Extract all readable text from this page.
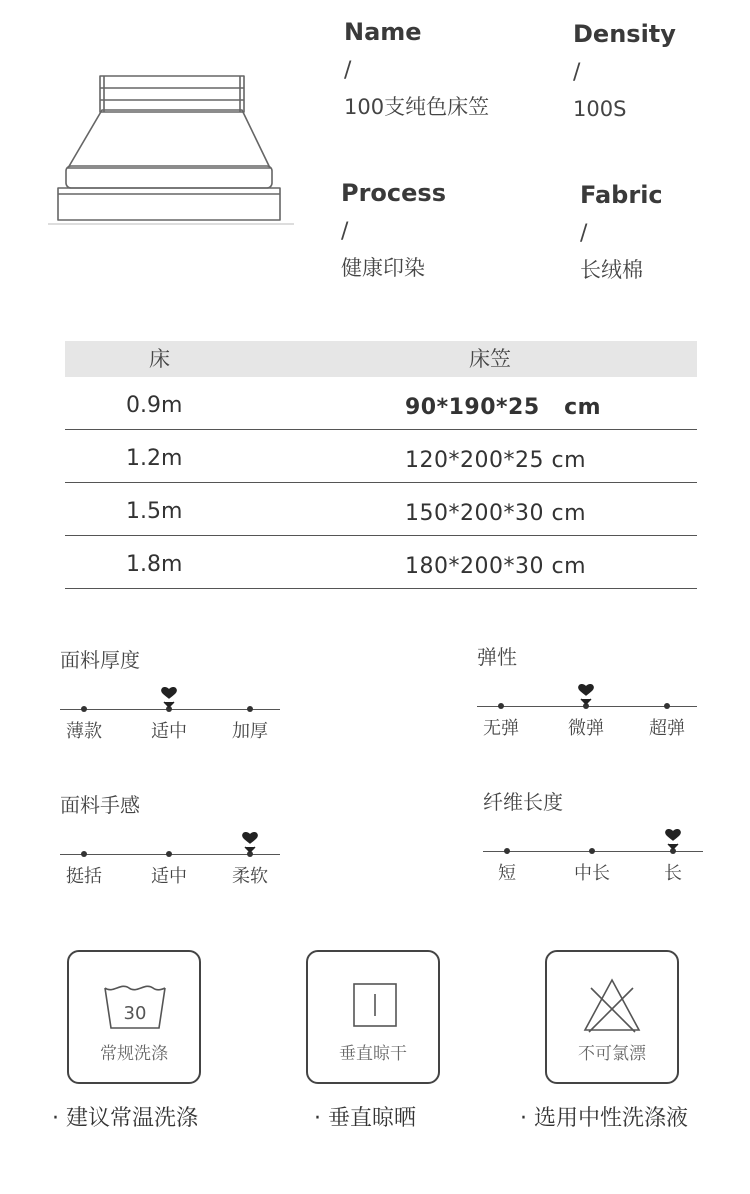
Name
/
100支纯色床笠
Density
/
100S
Process
/
健康印染
Fabric
/
长绒棉
床	床笠
0.9m	90*190*25   cm
1.2m	120*200*25 cm
1.5m	150*200*30 cm
1.8m	180*200*30 cm
面料厚度
薄款	适中	加厚
弹性
无弹	微弹	超弹
面料手感
挺括	适中	柔软
纤维长度
短	中长	长
30
常规洗涤	垂直晾干	不可氯漂
· 建议常温洗涤	· 垂直晾晒	· 选用中性洗涤液
